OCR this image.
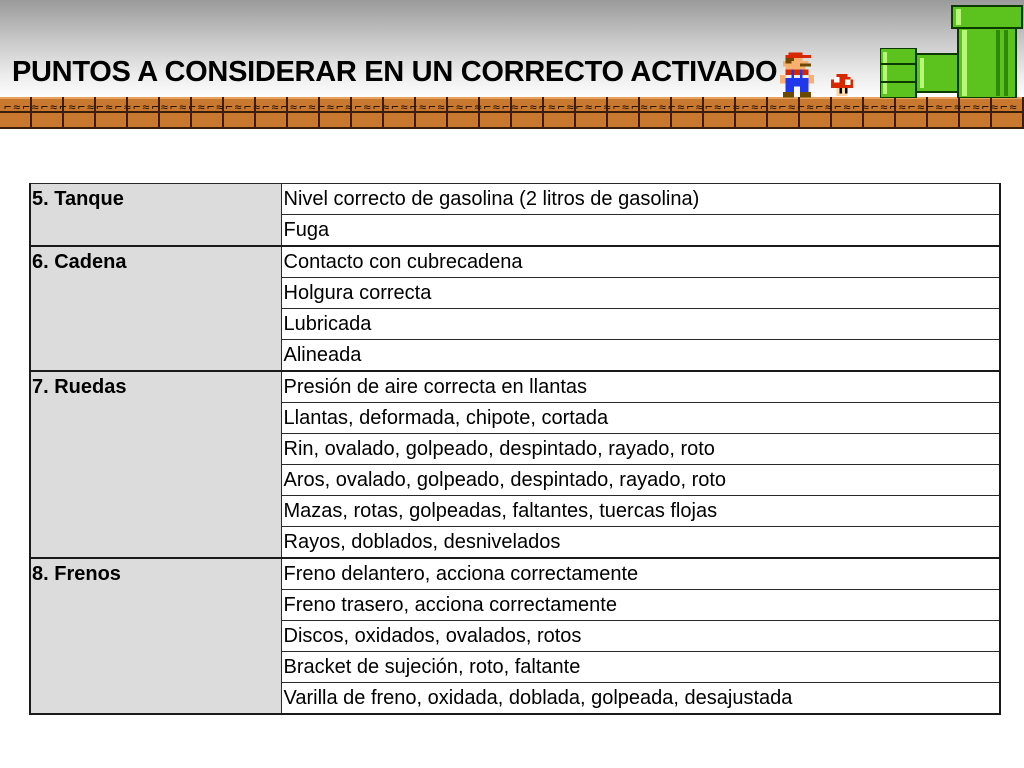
PUNTOS A CONSIDERAR EN UN CORRECTO ACTIVADO
⌐≈⌐≈⌐≈⌐≈⌐≈⌐≈⌐≈⌐≈⌐≈⌐≈⌐≈⌐≈⌐≈⌐≈⌐≈⌐≈⌐≈⌐≈⌐≈⌐≈⌐≈⌐≈⌐≈⌐≈⌐≈⌐≈⌐≈⌐≈⌐≈⌐≈⌐≈⌐≈⌐≈⌐≈⌐≈⌐≈⌐≈⌐≈⌐≈⌐≈⌐≈⌐≈⌐≈⌐≈⌐≈⌐≈⌐≈⌐≈⌐≈⌐≈⌐≈⌐≈⌐≈⌐≈⌐≈
5. Tanque	Nivel correcto de gasolina (2 litros de gasolina)
	Fuga
6. Cadena	Contacto con cubrecadena
	Holgura correcta
	Lubricada
	Alineada
7. Ruedas	Presión de aire correcta en llantas
	Llantas, deformada, chipote, cortada
	Rin, ovalado, golpeado, despintado, rayado, roto
	Aros, ovalado, golpeado, despintado, rayado, roto
	Mazas, rotas, golpeadas, faltantes, tuercas flojas
	Rayos, doblados, desnivelados
8. Frenos	Freno delantero, acciona correctamente
	Freno trasero, acciona correctamente
	Discos, oxidados, ovalados, rotos
	Bracket de sujeción, roto, faltante
	Varilla de freno, oxidada, doblada, golpeada, desajustada
